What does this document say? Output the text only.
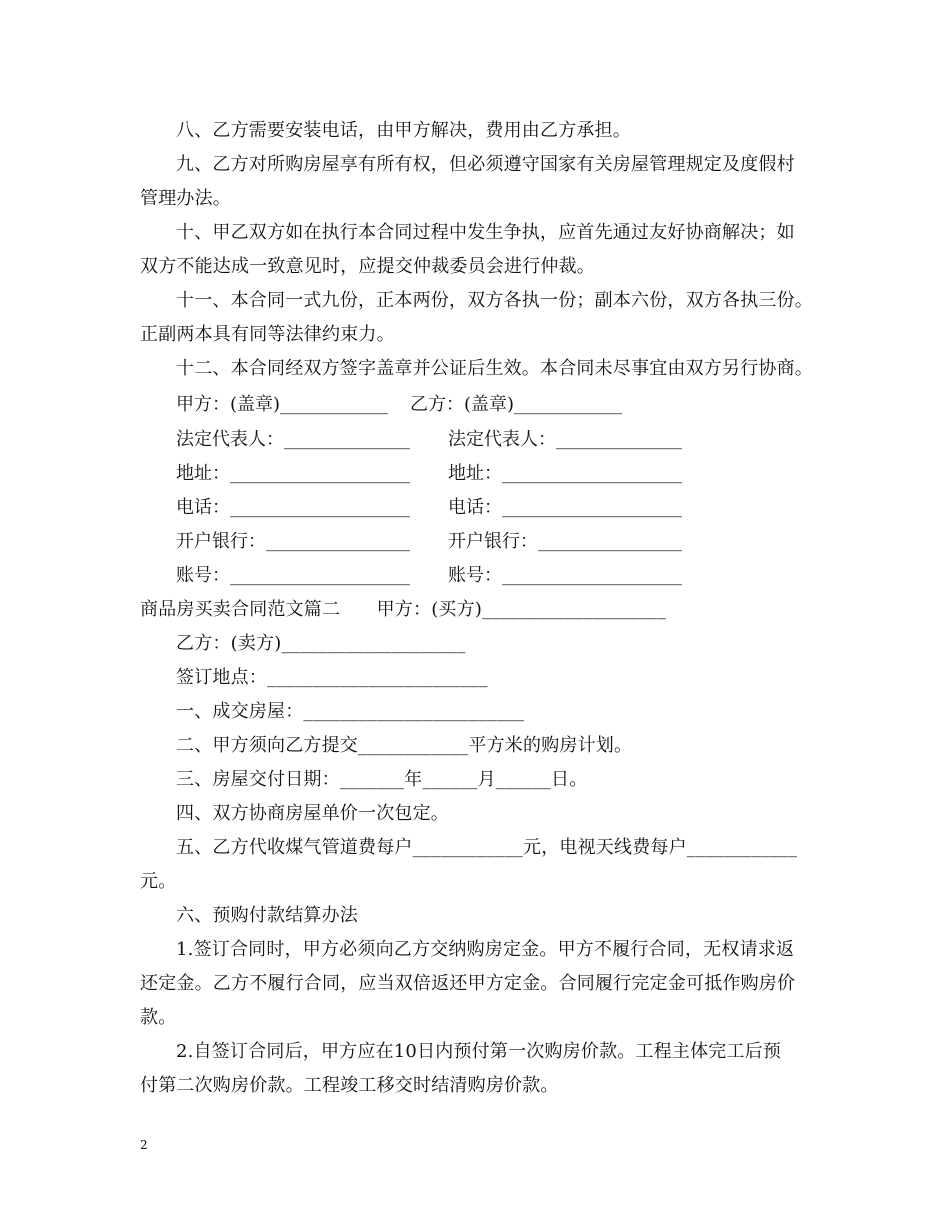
八、乙方需要安装电话，由甲方解决，费用由乙方承担。
九、乙方对所购房屋享有所有权，但必须遵守国家有关房屋管理规定及度假村
管理办法。
十、甲乙双方如在执行本合同过程中发生争执，应首先通过友好协商解决；如
双方不能达成一致意见时，应提交仲裁委员会进行仲裁。
十一、本合同一式九份，正本两份，双方各执一份；副本六份，双方各执三份。
正副两本具有同等法律约束力。
十二、本合同经双方签字盖章并公证后生效。本合同未尽事宜由双方另行协商。
甲方：(盖章)____________ 乙方：(盖章)____________
法定代表人：______________ 法定代表人：______________
地址：____________________ 地址：____________________
电话：____________________ 电话：____________________
开户银行：________________ 开户银行：________________
账号：____________________ 账号：____________________
商品房买卖合同范文篇二　　甲方：(买方)____________________
乙方：(卖方)____________________
签订地点：________________________
一、成交房屋：________________________
二、甲方须向乙方提交____________平方米的购房计划。
三、房屋交付日期：_______年______月______日。
四、双方协商房屋单价一次包定。
五、乙方代收煤气管道费每户____________元，电视天线费每户____________
元。
六、预购付款结算办法
1.签订合同时，甲方必须向乙方交纳购房定金。甲方不履行合同，无权请求返
还定金。乙方不履行合同，应当双倍返还甲方定金。合同履行完定金可抵作购房价
款。
2.自签订合同后，甲方应在10日内预付第一次购房价款。工程主体完工后预
付第二次购房价款。工程竣工移交时结清购房价款。
2
